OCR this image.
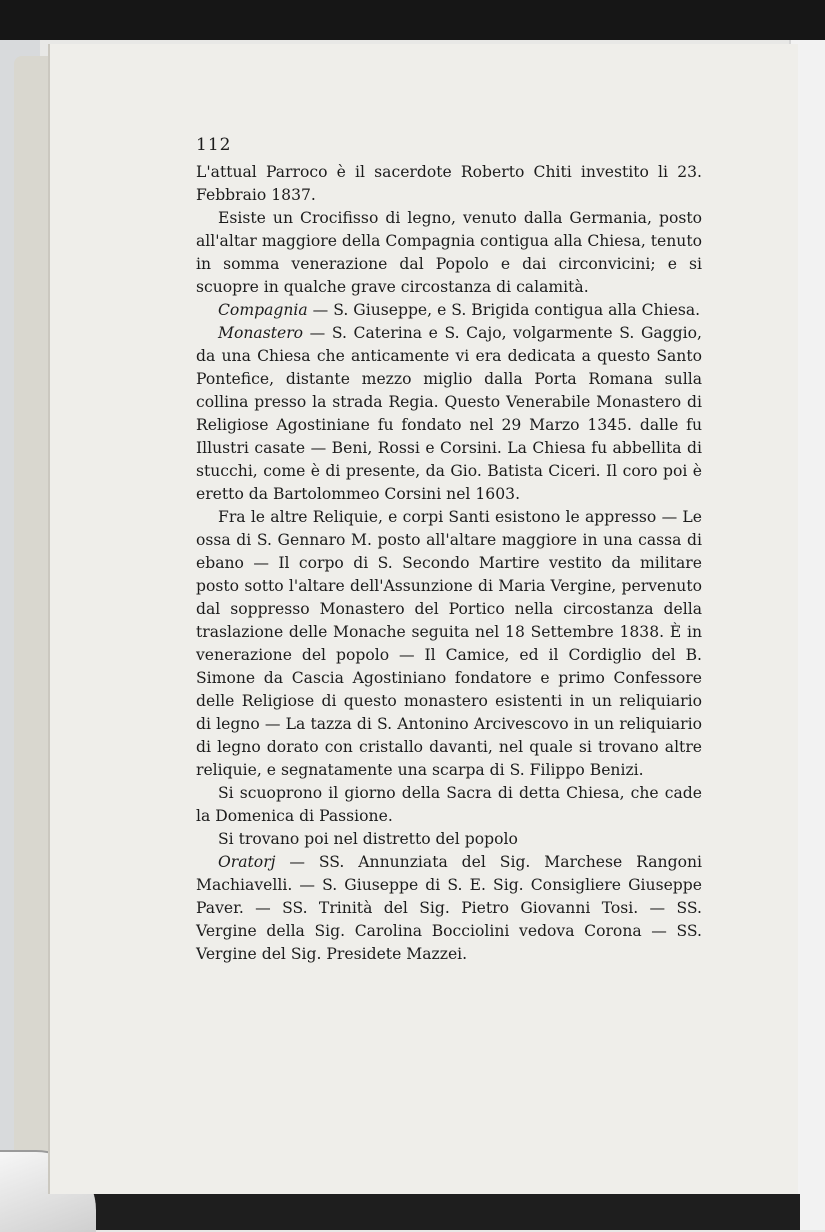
112

L'attual Parroco è il sacerdote Roberto Chiti investito li 23. Febbraio 1837.

Esiste un Crocifisso di legno, venuto dalla Germania, posto all'altar maggiore della Compagnia contigua alla Chiesa, tenuto in somma venerazione dal Popolo e dai circonvicini; e si scuopre in qualche grave circostanza di calamità.

Compagnia — S. Giuseppe, e S. Brigida contigua alla Chiesa.

Monastero — S. Caterina e S. Cajo, volgarmente S. Gaggio, da una Chiesa che anticamente vi era dedicata a questo Santo Pontefice, distante mezzo miglio dalla Porta Romana sulla collina presso la strada Regia. Questo Venerabile Monastero di Religiose Agostiniane fu fondato nel 29 Marzo 1345. dalle fu Illustri casate — Beni, Rossi e Corsini. La Chiesa fu abbellita di stucchi, come è di presente, da Gio. Batista Ciceri. Il coro poi è eretto da Bartolommeo Corsini nel 1603.

Fra le altre Reliquie, e corpi Santi esistono le appresso — Le ossa di S. Gennaro M. posto all'altare maggiore in una cassa di ebano — Il corpo di S. Secondo Martire vestito da militare posto sotto l'altare dell'Assunzione di Maria Vergine, pervenuto dal soppresso Monastero del Portico nella circostanza della traslazione delle Monache seguita nel 18 Settembre 1838. È in venerazione del popolo — Il Camice, ed il Cordiglio del B. Simone da Cascia Agostiniano fondatore e primo Confessore delle Religiose di questo monastero esistenti in un reliquiario di legno — La tazza di S. Antonino Arcivescovo in un reliquiario di legno dorato con cristallo davanti, nel quale si trovano altre reliquie, e segnatamente una scarpa di S. Filippo Benizi.

Si scuoprono il giorno della Sacra di detta Chiesa, che cade la Domenica di Passione.

Si trovano poi nel distretto del popolo

Oratorj — SS. Annunziata del Sig. Marchese Rangoni Machiavelli. — S. Giuseppe di S. E. Sig. Consigliere Giuseppe Paver. — SS. Trinità del Sig. Pietro Giovanni Tosi. — SS. Vergine della Sig. Carolina Bocciolini vedova Corona — SS. Vergine del Sig. Presidete Mazzei.
